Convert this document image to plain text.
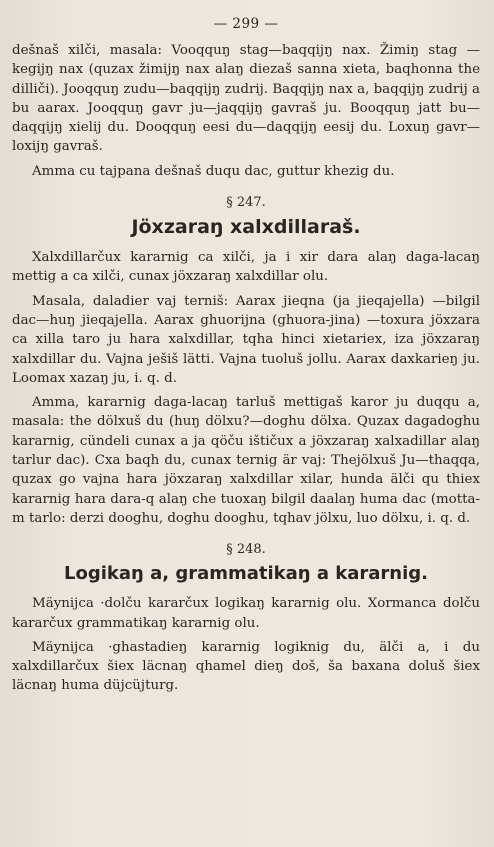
— 299 —

dešnaš xilči, masala: Vooqquŋ stag—baqqijŋ nax. Žimiŋ stag —kegijŋ nax (quzax žimijŋ nax alaŋ diezaš sanna xieta, baqhonna the dilliči). Jooqquŋ zudu—baqqijŋ zudrij. Baqqijŋ nax a, baqqijŋ zudrij a bu aarax. Jooqquŋ gavr ju—jaqqijŋ gavraš ju. Booqquŋ jatt bu—daqqijŋ xielij du. Dooqquŋ eesi du—daqqijŋ eesij du. Loxuŋ gavr—loxijŋ gavraš.

Amma cu tajpana dešnaš duqu dac, guttur khezig du.

§ 247.
Jöxzaraŋ xalxdillaraš.

Xalxdillarčux kararnig ca xilči, ja i xir dara alaŋ daga-lacaŋ mettig a ca xilči, cunax jöxzaraŋ xalxdillar olu.

Masala, daladier vaj terniš: Aarax jieqna (ja jieqajella) —bilgil dac—huŋ jieqajella. Aarax ghuorijna (ghuora-jina) —toxura jöxzara ca xilla taro ju hara xalxdillar, tqha hinci xietariex, iza jöxzaraŋ xalxdillar du. Vajna ješiš lätti. Vajna tuoluš jollu. Aarax daxkarieŋ ju. Loomax xazaŋ ju, i. q. d.

Amma, kararnig daga-lacaŋ tarluš mettigaš karor ju duqqu a, masala: the dölxuš du (huŋ dölxu?—doghu dölxa. Quzax dagadoghu kararnig, cündeli cunax a ja qöču ištičux a jöxzaraŋ xalxadillar alaŋ tarlur dac). Cxa baqh du, cunax ternig är vaj: Thejölxuš Ju—thaqqa, quzax go vajna hara jöxzaraŋ xalxdillar xilar, hunda älči qu thiex kararnig hara dara-q alaŋ che tuoxaŋ bilgil daalaŋ huma dac (motta-m tarlo: derzi dooghu, doghu dooghu, tqhav jölxu, luo dölxu, i. q. d.

§ 248.
Logikaŋ a, grammatikaŋ a kararnig.

Mäynijca ·dolču kararčux logikaŋ kararnig olu. Xormanca dolču kararčux grammatikaŋ kararnig olu.

Mäynijca ·ghastadieŋ kararnig logiknig du, älči a, i du xalxdillarčux šiex läcnaŋ qhamel dieŋ doš, ša baxana doluš šiex läcnaŋ huma düjcüjturg.
